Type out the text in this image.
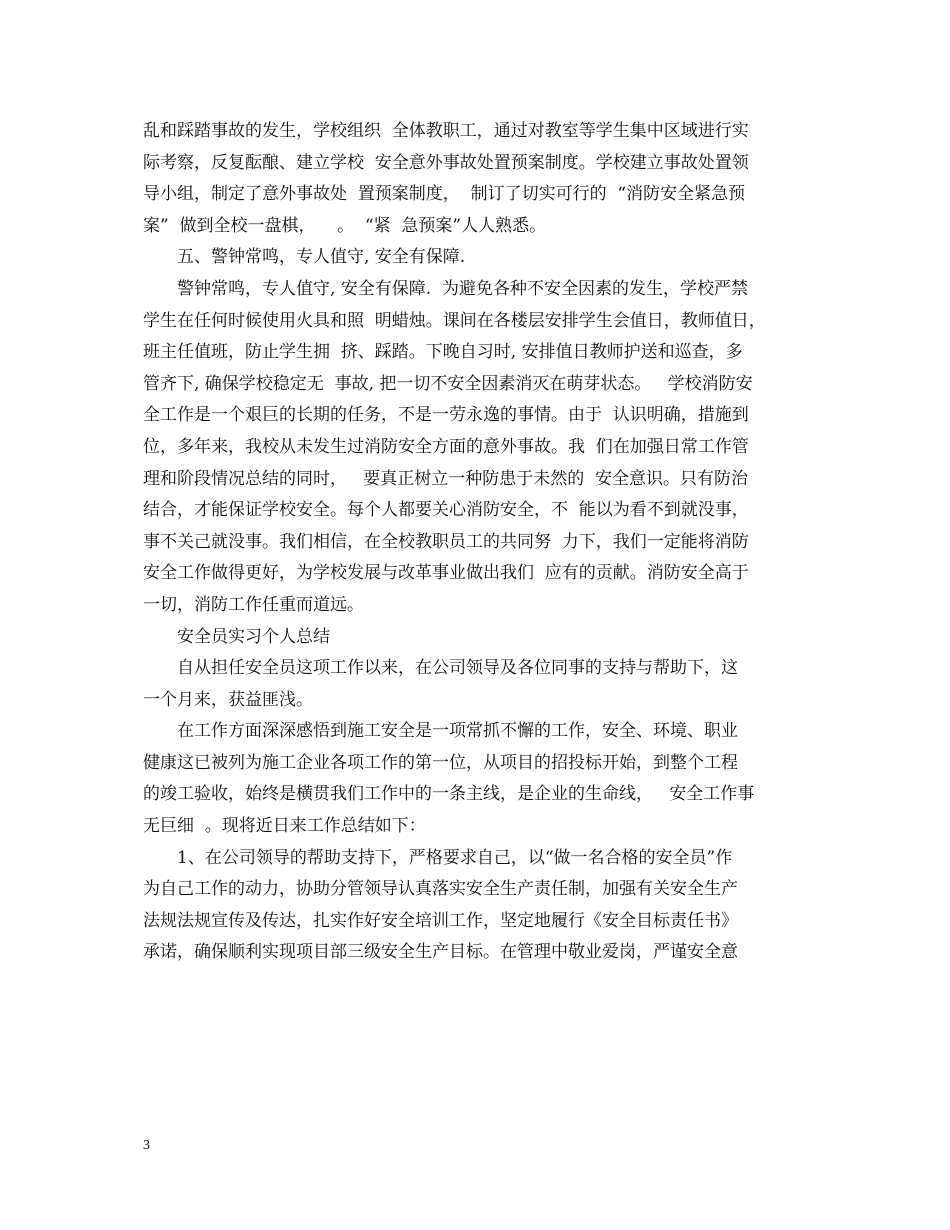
乱和踩踏事故的发生，学校组织  全体教职工，通过对教室等学生集中区域进行实
际考察，反复酝酿、建立学校  安全意外事故处置预案制度。学校建立事故处置领
导小组，制定了意外事故处  置预案制度，  制订了切实可行的  “消防安全紧急预
案”  做到全校一盘棋，    。  “紧  急预案”人人熟悉。
五、警钟常鸣，专人值守, 安全有保障.
警钟常鸣，专人值守, 安全有保障.  为避免各种不安全因素的发生，学校严禁
学生在任何时候使用火具和照  明蜡烛。课间在各楼层安排学生会值日，教师值日，
班主任值班，防止学生拥  挤、踩踏。下晚自习时, 安排值日教师护送和巡查，多
管齐下, 确保学校稳定无  事故, 把一切不安全因素消灭在萌芽状态。   学校消防安
全工作是一个艰巨的长期的任务，不是一劳永逸的事情。由于  认识明确，措施到
位，多年来，我校从未发生过消防安全方面的意外事故。我  们在加强日常工作管
理和阶段情况总结的同时，   要真正树立一种防患于未然的  安全意识。只有防治
结合，才能保证学校安全。每个人都要关心消防安全，不  能以为看不到就没事，
事不关己就没事。我们相信，在全校教职员工的共同努  力下，我们一定能将消防
安全工作做得更好，为学校发展与改革事业做出我们  应有的贡献。消防安全高于
一切，消防工作任重而道远。
安全员实习个人总结
自从担任安全员这项工作以来，在公司领导及各位同事的支持与帮助下，这
一个月来，获益匪浅。
在工作方面深深感悟到施工安全是一项常抓不懈的工作，安全、环境、职业
健康这已被列为施工企业各项工作的第一位，从项目的招投标开始，到整个工程
的竣工验收，始终是横贯我们工作中的一条主线，是企业的生命线，   安全工作事
无巨细  。现将近日来工作总结如下：
1、在公司领导的帮助支持下，严格要求自己，以“做一名合格的安全员”作
为自己工作的动力，协助分管领导认真落实安全生产责任制，加强有关安全生产
法规法规宣传及传达，扎实作好安全培训工作，坚定地履行《安全目标责任书》
承诺，确保顺利实现项目部三级安全生产目标。在管理中敬业爱岗，严谨安全意
3
